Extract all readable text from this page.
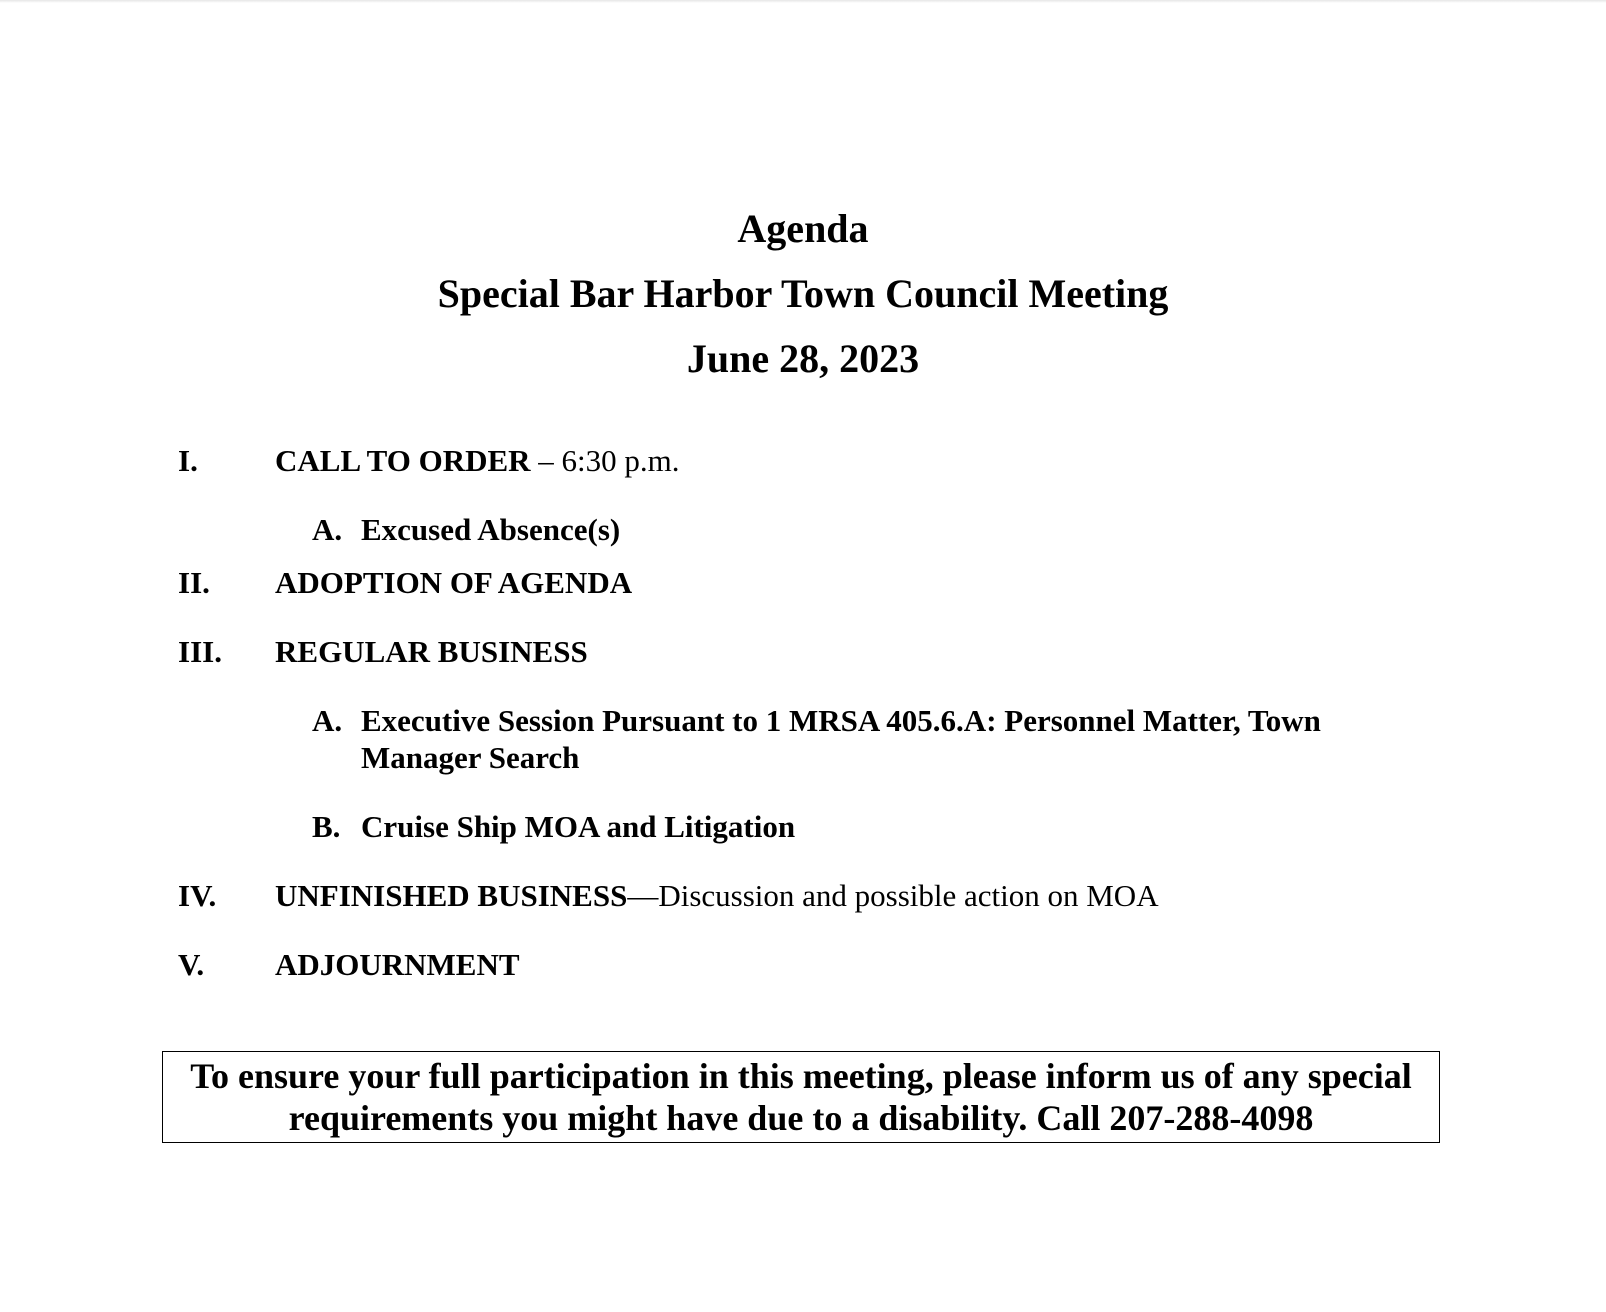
Agenda
Special Bar Harbor Town Council Meeting
June 28, 2023
I. CALL TO ORDER – 6:30 p.m.
A. Excused Absence(s)
II. ADOPTION OF AGENDA
III. REGULAR BUSINESS
A. Executive Session Pursuant to 1 MRSA 405.6.A: Personnel Matter, Town Manager Search
B. Cruise Ship MOA and Litigation
IV. UNFINISHED BUSINESS—Discussion and possible action on MOA
V. ADJOURNMENT

To ensure your full participation in this meeting, please inform us of any special requirements you might have due to a disability. Call 207-288-4098
